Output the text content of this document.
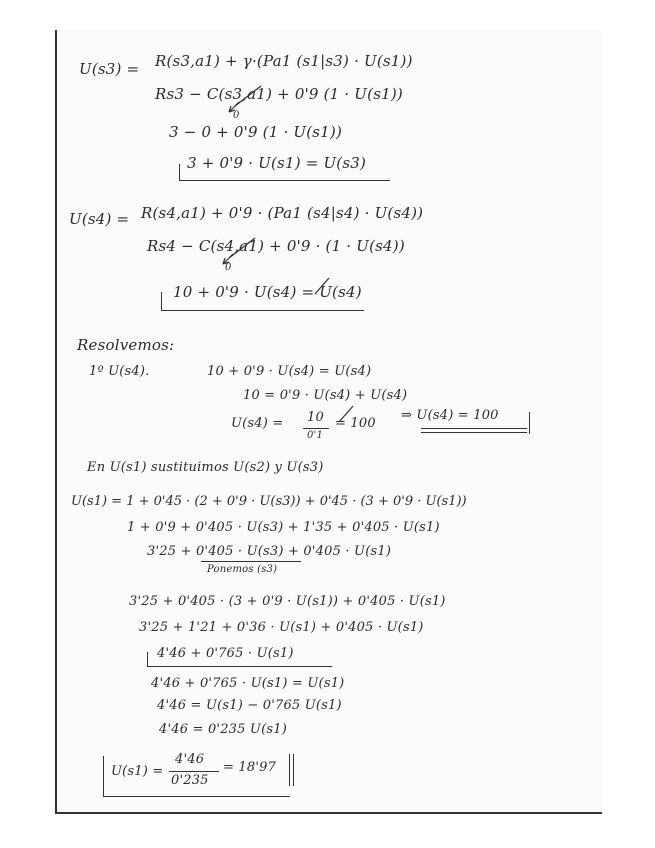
U(s3) = R(s3,a1) + γ·(Pa1 (s1|s3) · U(s1))
Rs3 − C(s3,a1) + 0'9 (1 · U(s1))
0
3 − 0 + 0'9 (1 · U(s1))
3 + 0'9 · U(s1) = U(s3)
U(s4) = R(s4,a1) + 0'9 · (Pa1 (s4|s4) · U(s4))
Rs4 − C(s4,a1) + 0'9 · (1 · U(s4))
0
10 + 0'9 · U(s4) = U(s4)
Resolvemos:
1º U(s4).	10 + 0'9 · U(s4) = U(s4)
10 = 0'9 · U(s4) + U(s4)
U(s4) = 10
0'1
= 100
⇒ U(s4) = 100
En U(s1) sustituimos U(s2) y U(s3)
U(s1) = 1 + 0'45 · (2 + 0'9 · U(s3)) + 0'45 · (3 + 0'9 · U(s1))
1 + 0'9 + 0'405 · U(s3) + 1'35 + 0'405 · U(s1)
3'25 + 0'405 · U(s3) + 0'405 · U(s1)
Ponemos (s3)
3'25 + 0'405 · (3 + 0'9 · U(s1)) + 0'405 · U(s1)
3'25 + 1'21 + 0'36 · U(s1) + 0'405 · U(s1)
4'46 + 0'765 · U(s1)
4'46 + 0'765 · U(s1) = U(s1)
4'46 = U(s1) − 0'765 U(s1)
4'46 = 0'235 U(s1)
U(s1) =
4'46
0'235
= 18'97
